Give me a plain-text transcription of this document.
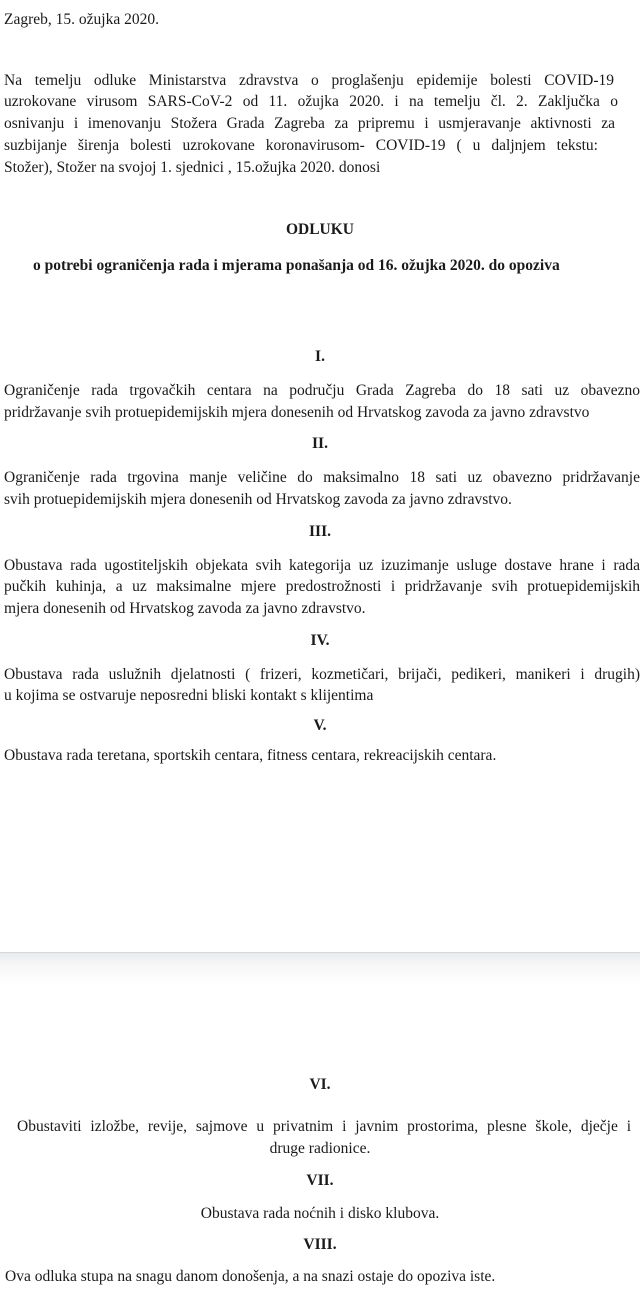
Zagreb, 15. ožujka 2020.
Na temelju odluke Ministarstva zdravstva o proglašenju epidemije bolesti COVID-19
uzrokovane virusom SARS-CoV-2 od 11. ožujka 2020. i na temelju čl. 2. Zaključka o
osnivanju i imenovanju Stožera Grada Zagreba za pripremu i usmjeravanje aktivnosti za
suzbijanje širenja bolesti uzrokovane koronavirusom- COVID-19 ( u daljnjem tekstu:
Stožer), Stožer na svojoj 1. sjednici , 15.ožujka 2020. donosi
ODLUKU
o potrebi ograničenja rada i mjerama ponašanja od 16. ožujka 2020. do opoziva
I.
Ograničenje rada trgovačkih centara na području Grada Zagreba do 18 sati uz obavezno
pridržavanje svih protuepidemijskih mjera donesenih od Hrvatskog zavoda za javno zdravstvo
II.
Ograničenje rada trgovina manje veličine do maksimalno 18 sati uz obavezno pridržavanje
svih protuepidemijskih mjera donesenih od Hrvatskog zavoda za javno zdravstvo.
III.
Obustava rada ugostiteljskih objekata svih kategorija uz izuzimanje usluge dostave hrane i rada
pučkih kuhinja, a uz maksimalne mjere predostrožnosti i pridržavanje svih protuepidemijskih
mjera donesenih od Hrvatskog zavoda za javno zdravstvo.
IV.
Obustava rada uslužnih djelatnosti ( frizeri, kozmetičari, brijači, pedikeri, manikeri i drugih)
u kojima se ostvaruje neposredni bliski kontakt s klijentima
V.
Obustava rada teretana, sportskih centara, fitness centara, rekreacijskih centara.
VI.
Obustaviti izložbe, revije, sajmove u privatnim i javnim prostorima, plesne škole, dječje i
druge radionice.
VII.
Obustava rada noćnih i disko klubova.
VIII.
Ova odluka stupa na snagu danom donošenja, a na snazi ostaje do opoziva iste.
